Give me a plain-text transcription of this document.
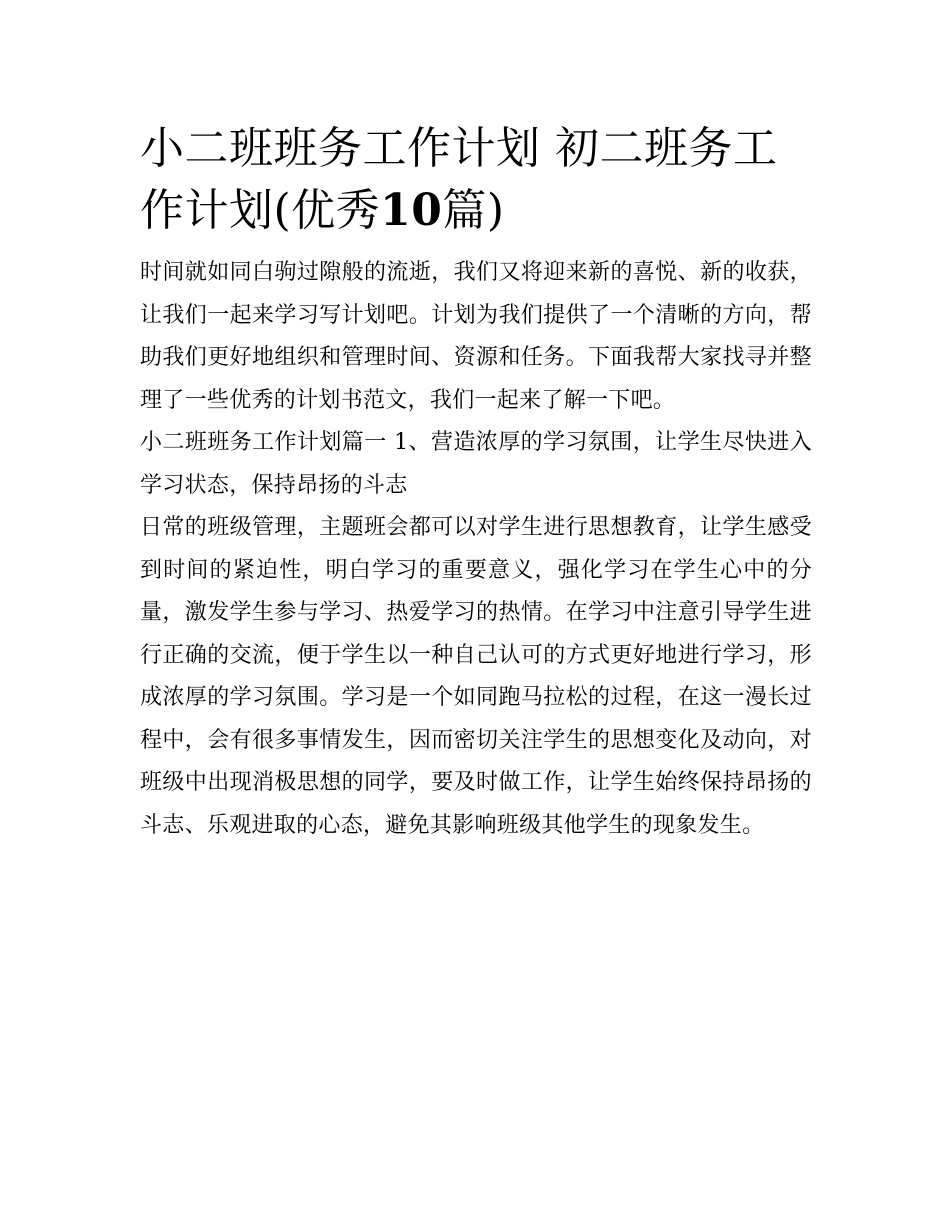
小二班班务工作计划 初二班务工作计划(优秀10篇)

时间就如同白驹过隙般的流逝，我们又将迎来新的喜悦、新的收获，让我们一起来学习写计划吧。计划为我们提供了一个清晰的方向，帮助我们更好地组织和管理时间、资源和任务。下面我帮大家找寻并整理了一些优秀的计划书范文，我们一起来了解一下吧。

小二班班务工作计划篇一 1、营造浓厚的学习氛围，让学生尽快进入学习状态，保持昂扬的斗志

日常的班级管理，主题班会都可以对学生进行思想教育，让学生感受到时间的紧迫性，明白学习的重要意义，强化学习在学生心中的分量，激发学生参与学习、热爱学习的热情。在学习中注意引导学生进行正确的交流，便于学生以一种自己认可的方式更好地进行学习，形成浓厚的学习氛围。学习是一个如同跑马拉松的过程，在这一漫长过程中，会有很多事情发生，因而密切关注学生的思想变化及动向，对班级中出现消极思想的同学，要及时做工作，让学生始终保持昂扬的斗志、乐观进取的心态，避免其影响班级其他学生的现象发生。
